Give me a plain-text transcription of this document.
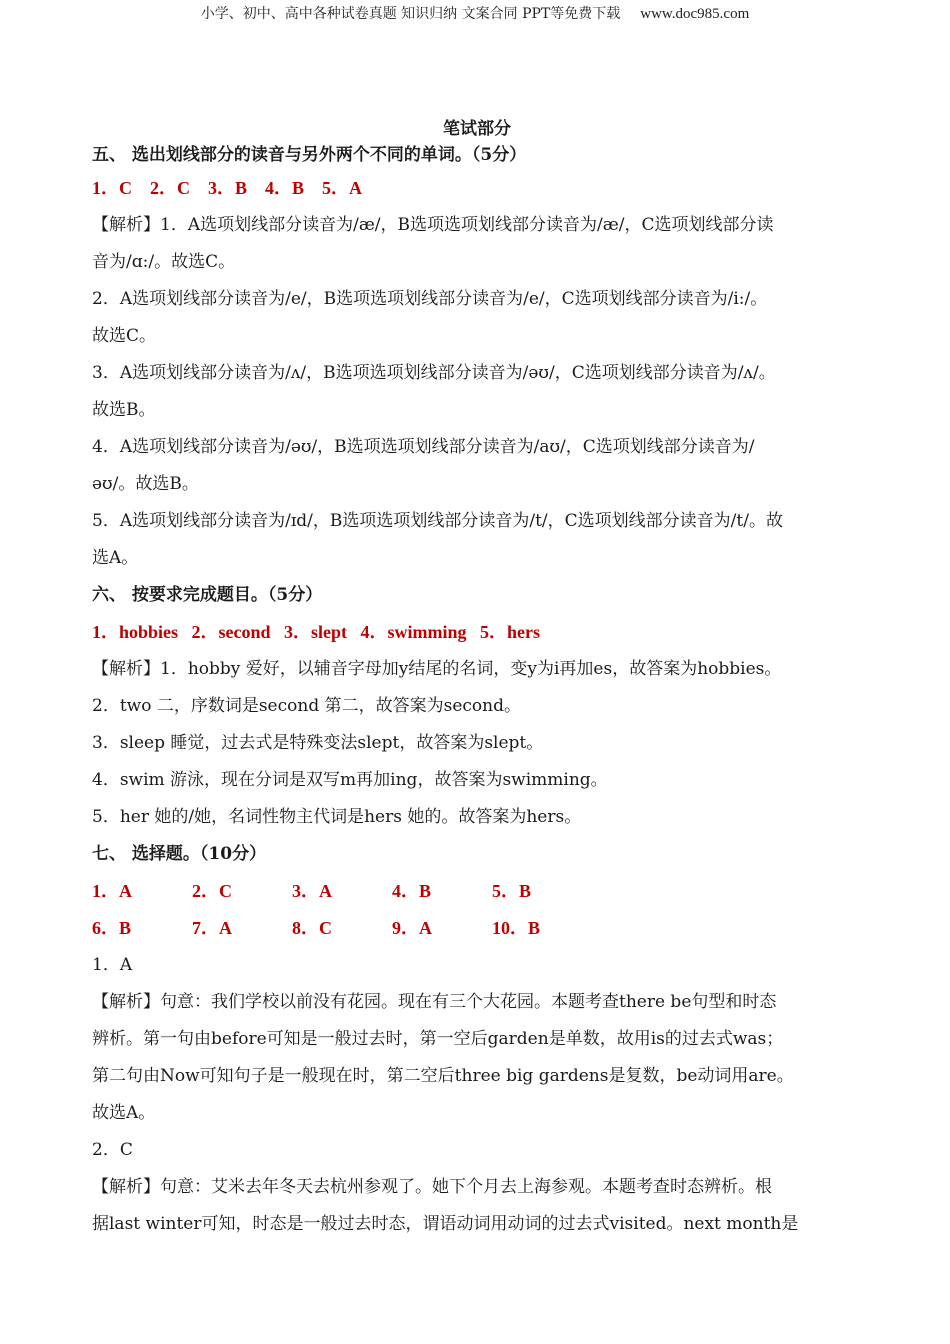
小学、初中、高中各种试卷真题 知识归纳 文案合同 PPT等免费下载 www.doc985.com
笔试部分
五、 选出划线部分的读音与另外两个不同的单词。（5分）
1．C    2．C    3．B    4．B    5．A
【解析】1．A选项划线部分读音为/æ/，B选项选项划线部分读音为/æ/，C选项划线部分读
音为/ɑ:/。故选C。
2．A选项划线部分读音为/e/，B选项选项划线部分读音为/e/，C选项划线部分读音为/i:/。
故选C。
3．A选项划线部分读音为/ʌ/，B选项选项划线部分读音为/əʊ/，C选项划线部分读音为/ʌ/。
故选B。
4．A选项划线部分读音为/əʊ/，B选项选项划线部分读音为/aʊ/，C选项划线部分读音为/
əʊ/。故选B。
5．A选项划线部分读音为/ɪd/，B选项选项划线部分读音为/t/，C选项划线部分读音为/t/。故
选A。
六、 按要求完成题目。（5分）
1．hobbies   2．second   3．slept   4．swimming   5．hers
【解析】1．hobby 爱好，以辅音字母加y结尾的名词，变y为i再加es，故答案为hobbies。
2．two 二，序数词是second 第二，故答案为second。
3．sleep 睡觉，过去式是特殊变法slept，故答案为slept。
4．swim 游泳，现在分词是双写m再加ing，故答案为swimming。
5．her 她的/她，名词性物主代词是hers 她的。故答案为hers。
七、 选择题。（10分）
1．A	2．C	3．A	4．B	5．B
6．B	7．A	8．C	9．A	10．B
1．A
【解析】句意：我们学校以前没有花园。现在有三个大花园。本题考查there be句型和时态
辨析。第一句由before可知是一般过去时，第一空后garden是单数，故用is的过去式was；
第二句由Now可知句子是一般现在时，第二空后three big gardens是复数，be动词用are。
故选A。
2．C
【解析】句意：艾米去年冬天去杭州参观了。她下个月去上海参观。本题考查时态辨析。根
据last winter可知，时态是一般过去时态，谓语动词用动词的过去式visited。next month是
